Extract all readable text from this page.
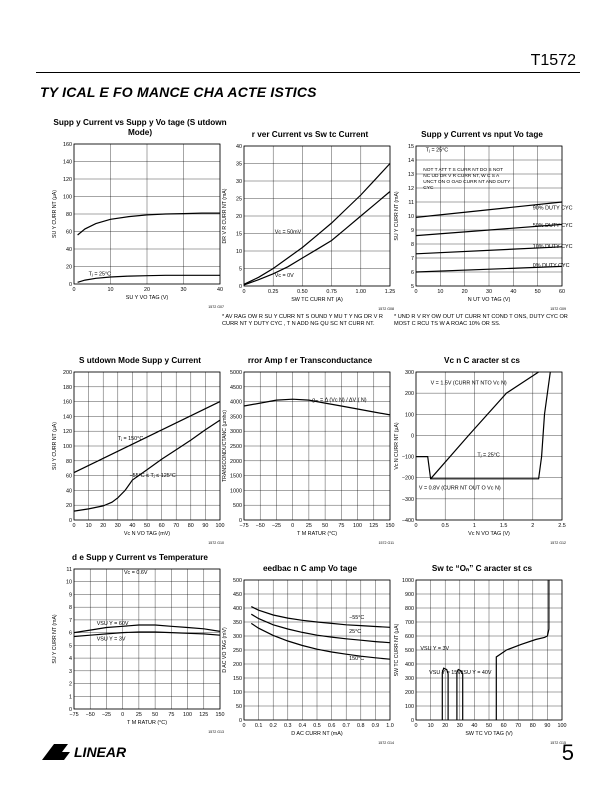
T1572
TY ICAL E FO MANCE CHA ACTE ISTICS
Supp y Current vs Supp y Vo tage (S utdown Mode)
0	10	20	30	40
0
20
40
60
80
100
120
140
160
SU Y VO TAG (V)
SU Y CURR NT (µA)
Tⱼ = 25°C
Vс = 50mV
Vс = 0V
1572 G07
r ver Current vs Sw tc Current
0	0.25	0.50	0.75	1.00	1.25
0
5
10
15
20
25
30
35
40
SW TC CURR NT (A)
DR V R CURR NT (mA)
1572 G08
* AV RAG OW R SU Y CURR NT S OUND Y MU T Y NG DR V R CURR NT Y DUTY CYC , T N ADD NG QU SC NT CURR NT.
Supp y Current vs nput Vo tage
0	10	20	30	40	50	60
5
6
7
8
9
10
11
12
13
14
15
N UT VO TAG (V)
SU Y CURR NT (mA)
Tⱼ = 25°C
NOT T ATT T S CURR NT DO S NOT NC UD DR V R CURR NT, W C S A UNCT ON O OAD CURR NT AND DUTY CYC
90% DUTY CYC
50% DUTY CYC
10% DUTY CYC
0% DUTY CYC
1572 G09
* UND R V RY OW OUT UT CURR NT COND T ONS, DUTY CYC OR MOST C RCU TS W A ROAC 10% OR SS.
S utdown Mode Supp y Current
0 10 20 30 40 50 60 70 80 90 100
0
20
40
60
80
100
120
140
160
180
200
Vс N VO TAG (mV)
SU Y CURR NT (µA)	Tⱼ = 150°C
−55°C ≤ Tⱼ ≤ 125°C
1572 G10
rror Amp f er Transconductance
−75 −50 −25 0 25 50 75 100 125 150
0
500
1000
1500
2000
2500
3000
3500
4000
4500
5000
T M RATUR (°C)
TRANSCONDUCTANC (µmho)
gₘ = Δ (Vс N) / ΔV ( N)
1572 G11
Vс n C aracter st cs
0	0.5	1	1.5	2	2.5
−400
−300
−200
−100
0
100
200
300
Vс N VO TAG (V)
Vс N CURR NT (µA)
V = 1.5V (CURR NT NTO Vс N)
Tⱼ = 25°C
V = 0.8V (CURR NT OUT O Vс N)
1572 G12
d e Supp y Current vs Temperature
−75 −50 −25 0 25 50 75 100 125 150
0
1
2
3
4
5
6
7
8
9
10
11
T M RATUR (°C)
SU Y CURR NT (mA)
Vс = 0.6V
VSU Y = 60V
VSU Y = 3V
1572 G13
eedbac n C amp Vo tage
0 0.1 0.2 0.3 0.4 0.5 0.6 0.7 0.8 0.9 1.0
0
50
100
150
200
250
300
350
400
450
500
D AC CURR NT (mA)
D AC VO TAG (mV)
−55°C
25°C
150°C
1572 G14
Sw tc “Oₙ” C aracter st cs
0 10 20 30 40 50 60 70 80 90 100
0
100
200
300
400
500
600
700
800
900
1000
SW TC VO TAG (V)
SW TC CURR NT (µA)	VSU Y = 3V
VSU Y = 15V
VSU Y = 40V
1572 G15
LINEAR	5
